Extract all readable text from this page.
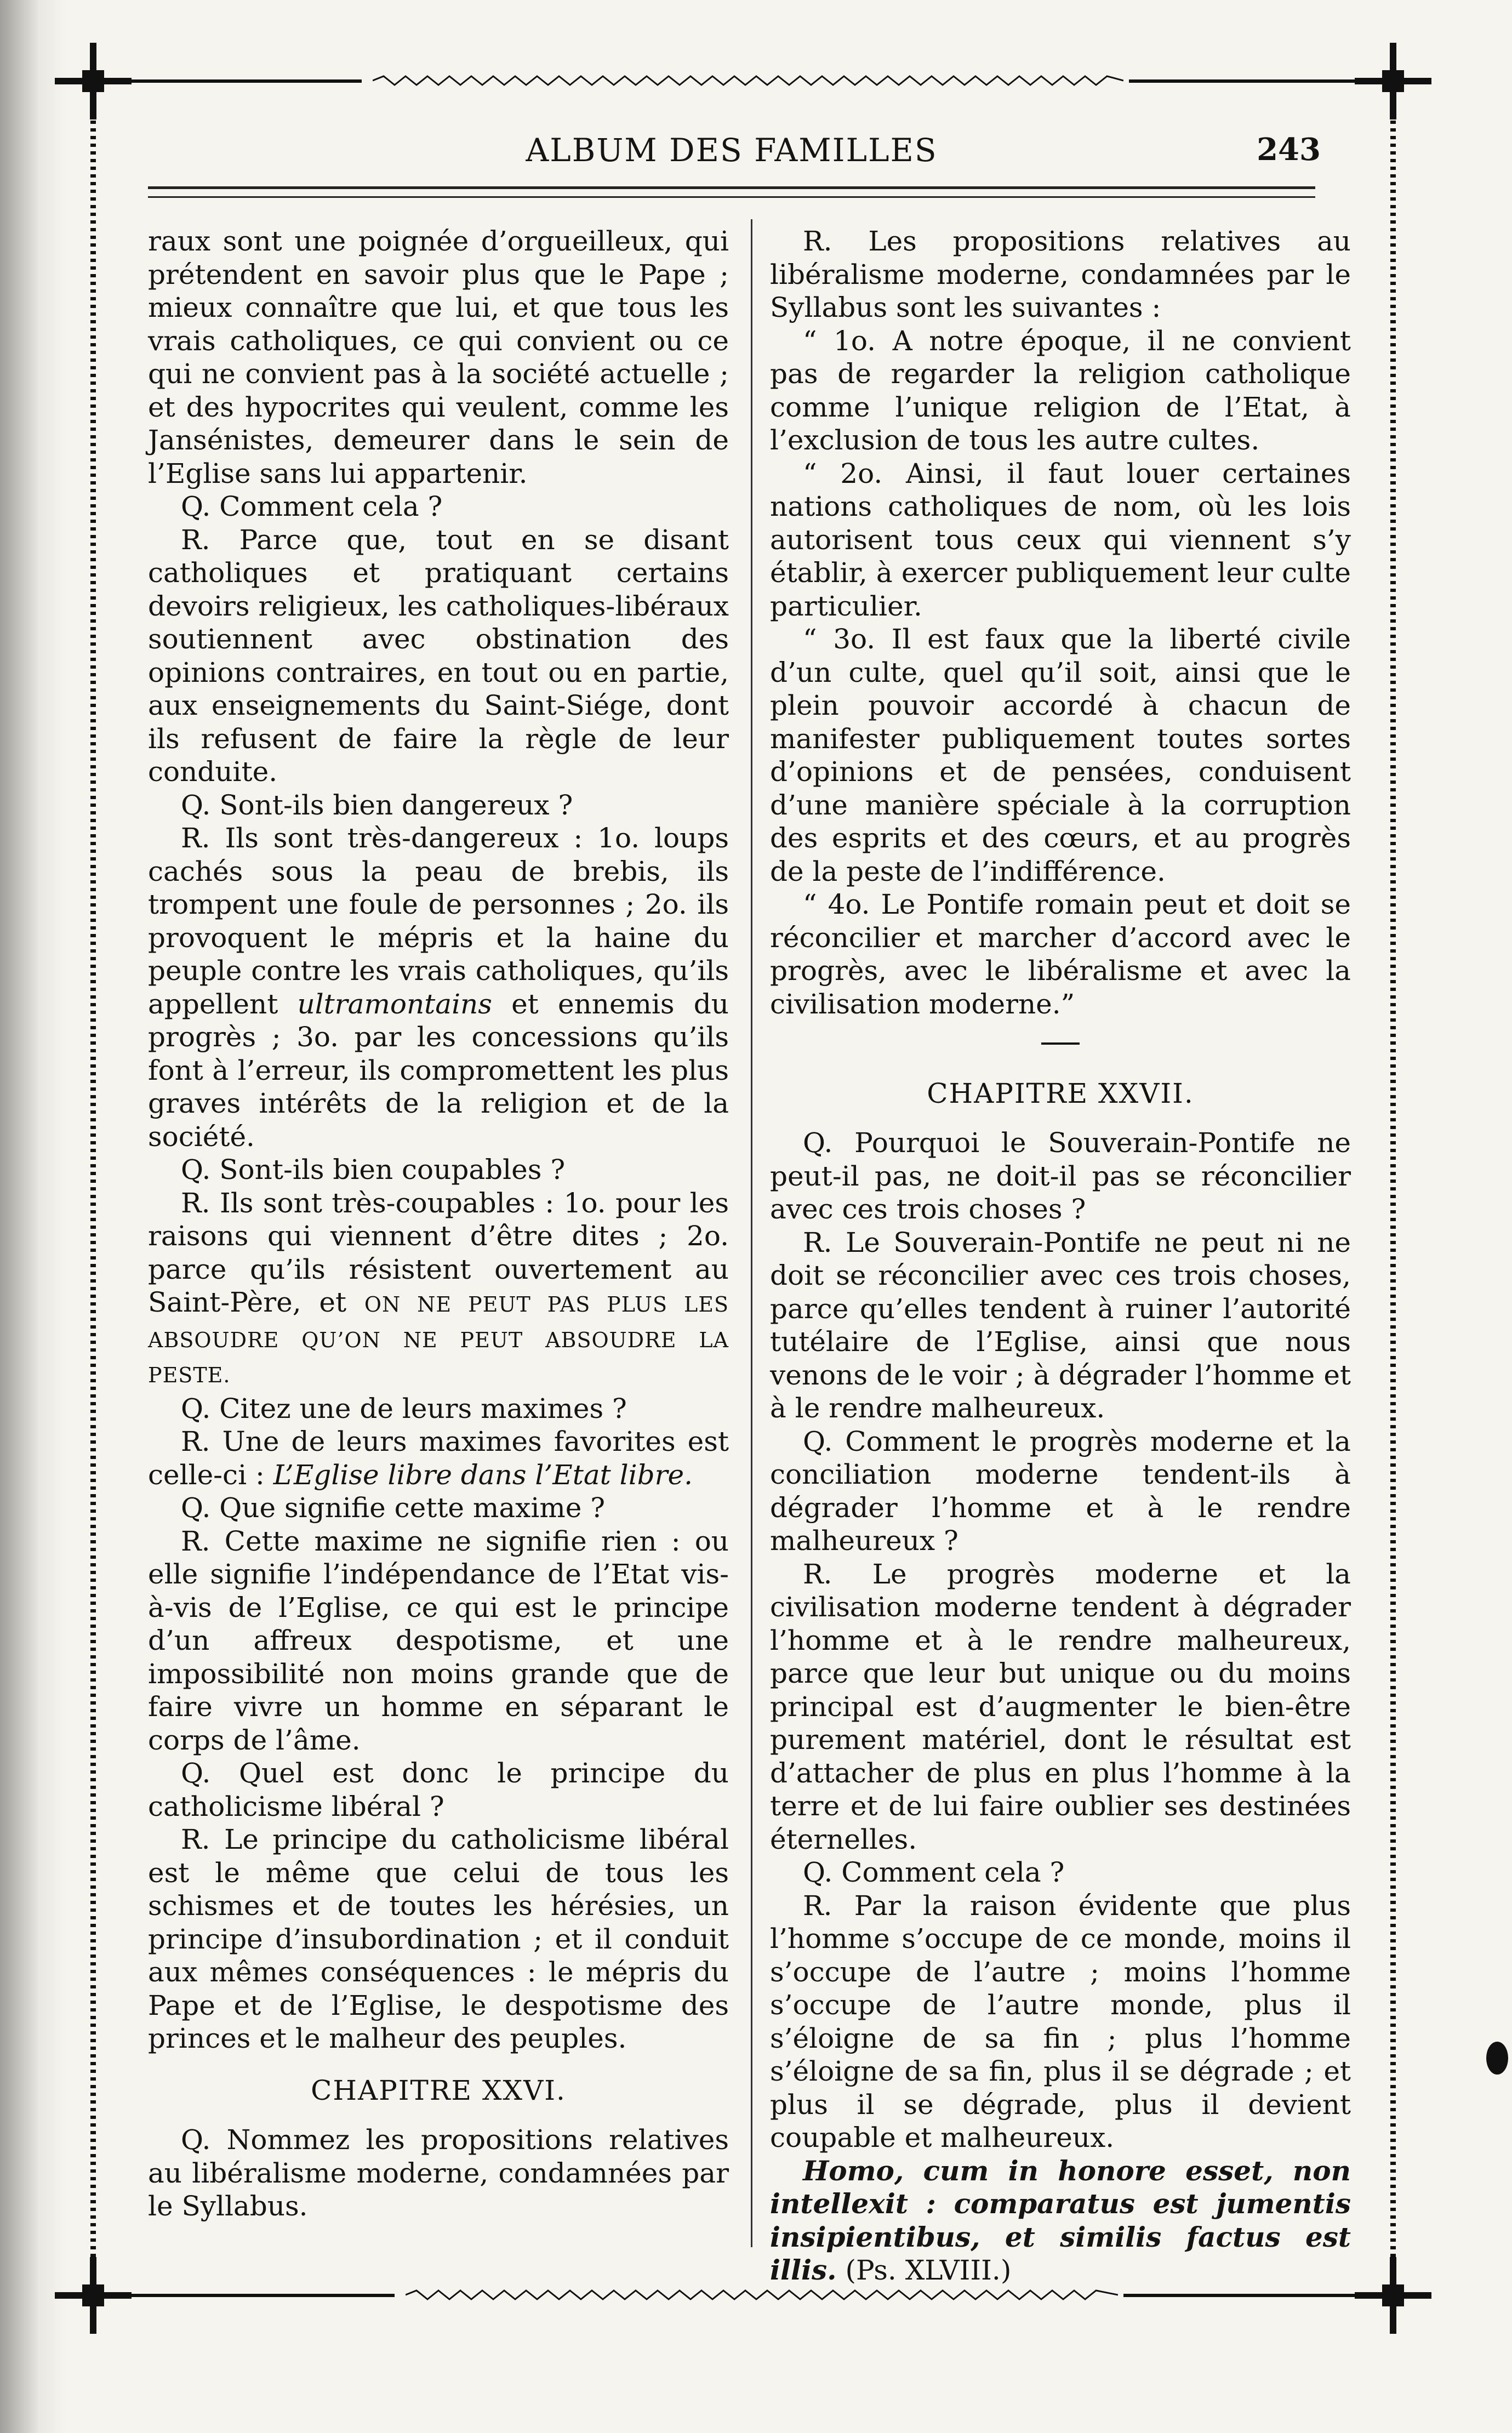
ALBUM DES FAMILLES	243

raux sont une poignée d’orgueilleux, qui prétendent en savoir plus que le Pape ; mieux connaître que lui, et que tous les vrais catholiques, ce qui convient ou ce qui ne convient pas à la société actuelle ; et des hypocrites qui veulent, comme les Jansénistes, demeurer dans le sein de l’Eglise sans lui appartenir.

Q. Comment cela ?

R. Parce que, tout en se disant catholiques et pratiquant certains devoirs religieux, les catholiques-libéraux soutiennent avec obstination des opinions contraires, en tout ou en partie, aux enseignements du Saint-Siége, dont ils refusent de faire la règle de leur conduite.

Q. Sont-ils bien dangereux ?

R. Ils sont très-dangereux : 1o. loups cachés sous la peau de brebis, ils trompent une foule de personnes ; 2o. ils provoquent le mépris et la haine du peuple contre les vrais catholiques, qu’ils appellent ultramontains et ennemis du progrès ; 3o. par les concessions qu’ils font à l’erreur, ils compromettent les plus graves intérêts de la religion et de la société.

Q. Sont-ils bien coupables ?

R. Ils sont très-coupables : 1o. pour les raisons qui viennent d’être dites ; 2o. parce qu’ils résistent ouvertement au Saint-Père, et ON NE PEUT PAS PLUS LES ABSOUDRE QU’ON NE PEUT ABSOUDRE LA PESTE.

Q. Citez une de leurs maximes ?

R. Une de leurs maximes favorites est celle-ci : L’Eglise libre dans l’Etat libre.

Q. Que signifie cette maxime ?

R. Cette maxime ne signifie rien : ou elle signifie l’indépendance de l’Etat vis-à-vis de l’Eglise, ce qui est le principe d’un affreux despotisme, et une impossibilité non moins grande que de faire vivre un homme en séparant le corps de l’âme.

Q. Quel est donc le principe du catholicisme libéral ?

R. Le principe du catholicisme libéral est le même que celui de tous les schismes et de toutes les hérésies, un principe d’insubordination ; et il conduit aux mêmes conséquences : le mépris du Pape et de l’Eglise, le despotisme des princes et le malheur des peuples.

CHAPITRE XXVI.

Q. Nommez les propositions relatives au libéralisme moderne, condamnées par le Syllabus.

R. Les propositions relatives au libéralisme moderne, condamnées par le Syllabus sont les suivantes :

“ 1o. A notre époque, il ne convient pas de regarder la religion catholique comme l’unique religion de l’Etat, à l’exclusion de tous les autre cultes.

“ 2o. Ainsi, il faut louer certaines nations catholiques de nom, où les lois autorisent tous ceux qui viennent s’y établir, à exercer publiquement leur culte particulier.

“ 3o. Il est faux que la liberté civile d’un culte, quel qu’il soit, ainsi que le plein pouvoir accordé à chacun de manifester publiquement toutes sortes d’opinions et de pensées, conduisent d’une manière spéciale à la corruption des esprits et des cœurs, et au progrès de la peste de l’indifférence.

“ 4o. Le Pontife romain peut et doit se réconcilier et marcher d’accord avec le progrès, avec le libéralisme et avec la civilisation moderne.”

CHAPITRE XXVII.

Q. Pourquoi le Souverain-Pontife ne peut-il pas, ne doit-il pas se réconcilier avec ces trois choses ?

R. Le Souverain-Pontife ne peut ni ne doit se réconcilier avec ces trois choses, parce qu’elles tendent à ruiner l’autorité tutélaire de l’Eglise, ainsi que nous venons de le voir ; à dégrader l’homme et à le rendre malheureux.

Q. Comment le progrès moderne et la conciliation moderne tendent-ils à dégrader l’homme et à le rendre malheureux ?

R. Le progrès moderne et la civilisation moderne tendent à dégrader l’homme et à le rendre malheureux, parce que leur but unique ou du moins principal est d’augmenter le bien-être purement matériel, dont le résultat est d’attacher de plus en plus l’homme à la terre et de lui faire oublier ses destinées éternelles.

Q. Comment cela ?

R. Par la raison évidente que plus l’homme s’occupe de ce monde, moins il s’occupe de l’autre ; moins l’homme s’occupe de l’autre monde, plus il s’éloigne de sa fin ; plus l’homme s’éloigne de sa fin, plus il se dégrade ; et plus il se dégrade, plus il devient coupable et malheureux.

Homo, cum in honore esset, non intellexit : comparatus est jumentis insipientibus, et similis factus est illis. (Ps. XLVIII.)
